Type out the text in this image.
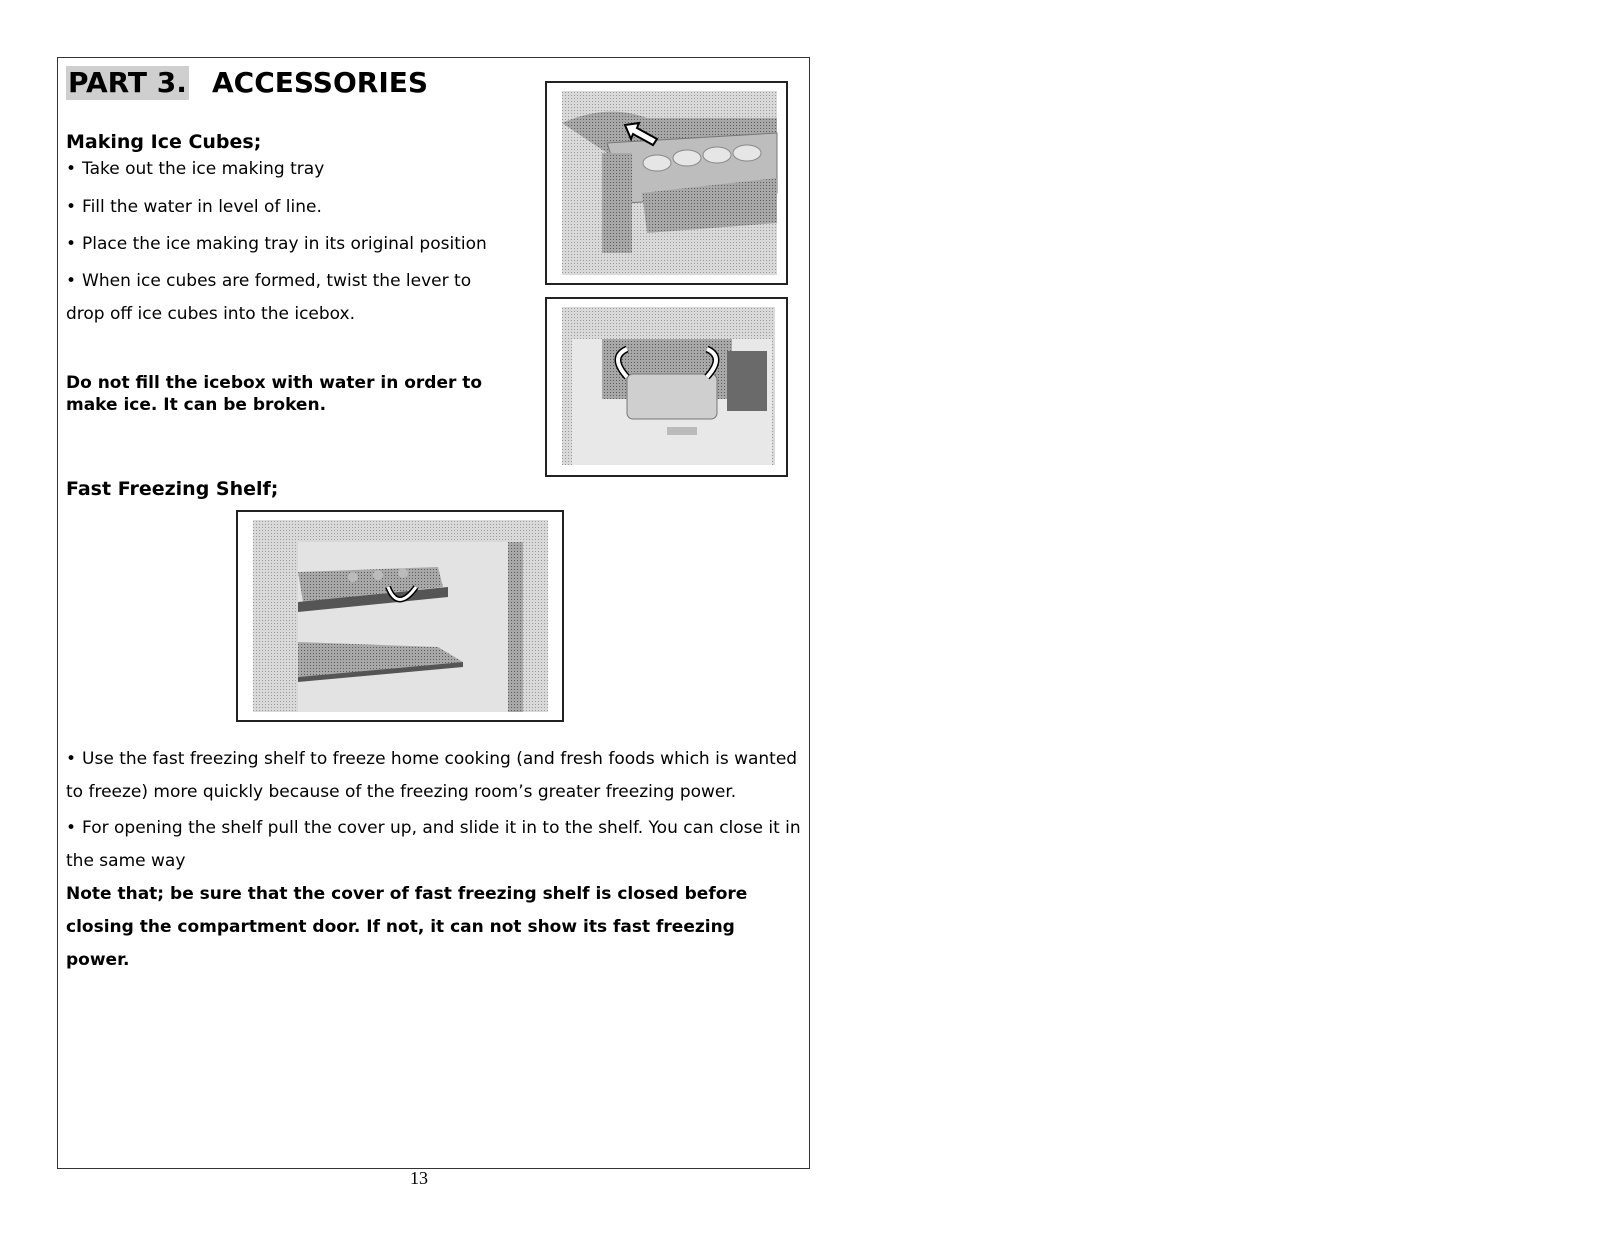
PART 3. ACCESSORIES
Making Ice Cubes;
• Take out the ice making tray
• Fill the water in level of line.
• Place the ice making tray in its original position
• When ice cubes are formed, twist the lever to
drop off ice cubes into the icebox.
Do not fill the icebox with water in order to
make ice. It can be broken.
Fast Freezing Shelf;
• Use the fast freezing shelf to freeze home cooking (and fresh foods which is wanted
to freeze) more quickly because of the freezing room’s greater freezing power.
• For opening the shelf pull the cover up, and slide it in to the shelf. You can close it in
the same way
Note that; be sure that the cover of fast freezing shelf is closed before
closing the compartment door. If not, it can not show its fast freezing
power.
13
